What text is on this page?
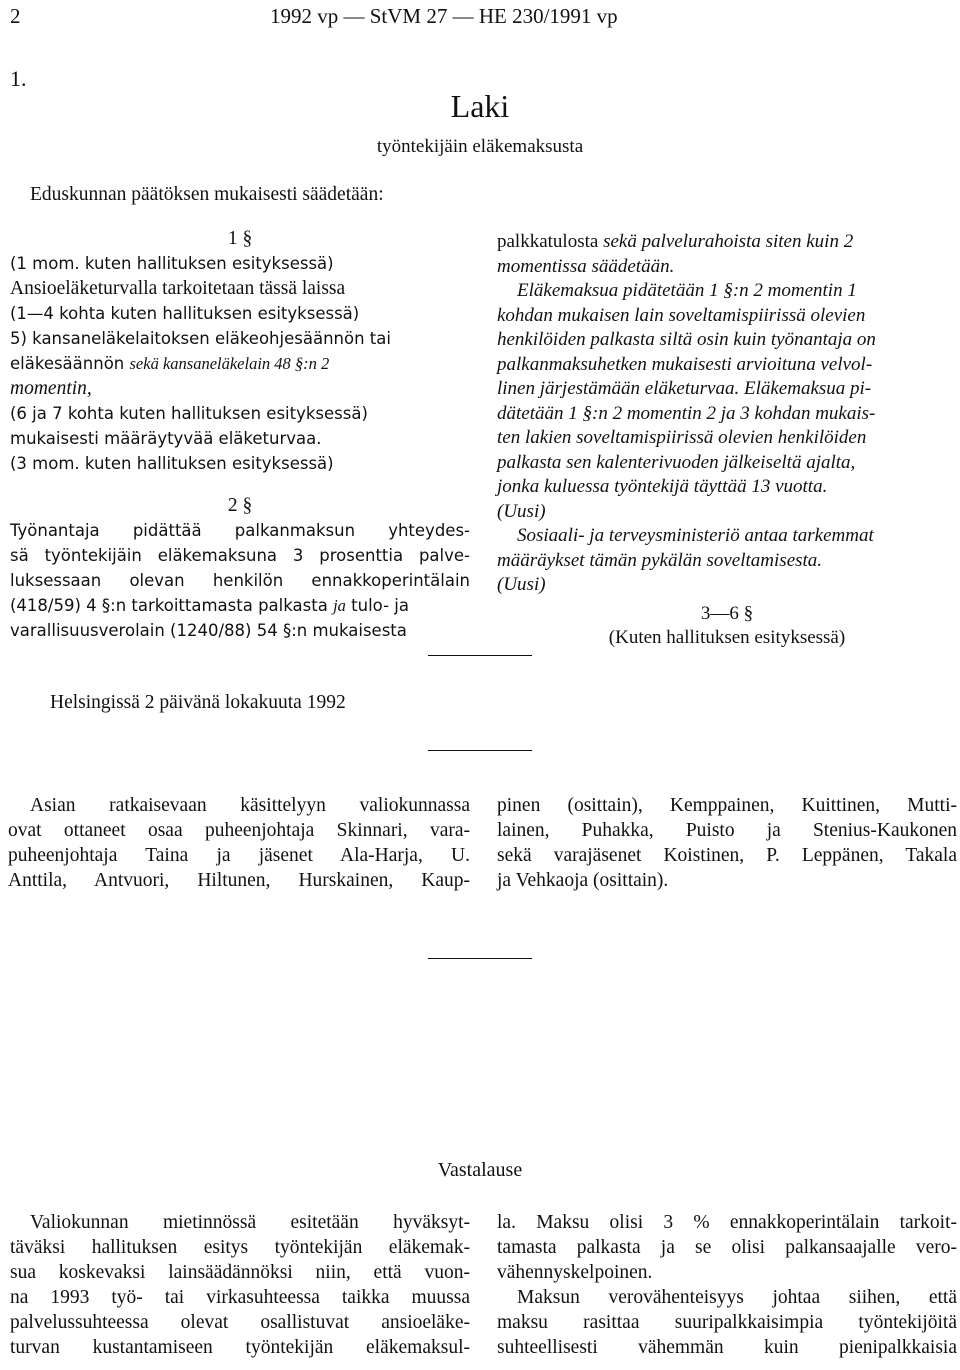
2	1992 vp — StVM 27 — HE 230/1991 vp
1.
Laki
työntekijäin eläkemaksusta
Eduskunnan päätöksen mukaisesti säädetään:
1 §
(1 mom. kuten hallituksen esityksessä)
Ansioeläketurvalla tarkoitetaan tässä laissa
(1—4 kohta kuten hallituksen esityksessä)
5) kansaneläkelaitoksen eläkeohjesäännön tai
eläkesäännön sekä kansaneläkelain 48 §:n 2
momentin,
(6 ja 7 kohta kuten hallituksen esityksessä)
mukaisesti määräytyvää eläketurvaa.
(3 mom. kuten hallituksen esityksessä)
2 §
Työnantaja pidättää palkanmaksun yhteydes-
sä työntekijäin eläkemaksuna 3 prosenttia palve-
luksessaan olevan henkilön ennakkoperintälain
(418/59) 4 §:n tarkoittamasta palkasta ja tulo- ja
varallisuusverolain (1240/88) 54 §:n mukaisesta
palkkatulosta sekä palvelurahoista siten kuin 2
momentissa säädetään.
Eläkemaksua pidätetään 1 §:n 2 momentin 1
kohdan mukaisen lain soveltamispiirissä olevien
henkilöiden palkasta siltä osin kuin työnantaja on
palkanmaksuhetken mukaisesti arvioituna velvol-
linen järjestämään eläketurvaa. Eläkemaksua pi-
dätetään 1 §:n 2 momentin 2 ja 3 kohdan mukais-
ten lakien soveltamispiirissä olevien henkilöiden
palkasta sen kalenterivuoden jälkeiseltä ajalta,
jonka kuluessa työntekijä täyttää 13 vuotta.
(Uusi)
Sosiaali- ja terveysministeriö antaa tarkemmat
määräykset tämän pykälän soveltamisesta.
(Uusi)
3—6 §
(Kuten hallituksen esityksessä)
Helsingissä 2 päivänä lokakuuta 1992
Asian ratkaisevaan käsittelyyn valiokunnassa
ovat ottaneet osaa puheenjohtaja Skinnari, vara-
puheenjohtaja Taina ja jäsenet Ala-Harja, U.
Anttila, Antvuori, Hiltunen, Hurskainen, Kaup-
pinen (osittain), Kemppainen, Kuittinen, Mutti-
lainen, Puhakka, Puisto ja Stenius-Kaukonen
sekä varajäsenet Koistinen, P. Leppänen, Takala
ja Vehkaoja (osittain).
Vastalause
Valiokunnan mietinnössä esitetään hyväksyt-
täväksi hallituksen esitys työntekijän eläkemak-
sua koskevaksi lainsäädännöksi niin, että vuon-
na 1993 työ- tai virkasuhteessa taikka muussa
palvelussuhteessa olevat osallistuvat ansioeläke-
turvan kustantamiseen työntekijän eläkemaksul-
la. Maksu olisi 3 % ennakkoperintälain tarkoit-
tamasta palkasta ja se olisi palkansaajalle vero-
vähennyskelpoinen.
Maksun verovähenteisyys johtaa siihen, että
maksu rasittaa suuripalkkaisimpia työntekijöitä
suhteellisesti vähemmän kuin pienipalkkaisia
